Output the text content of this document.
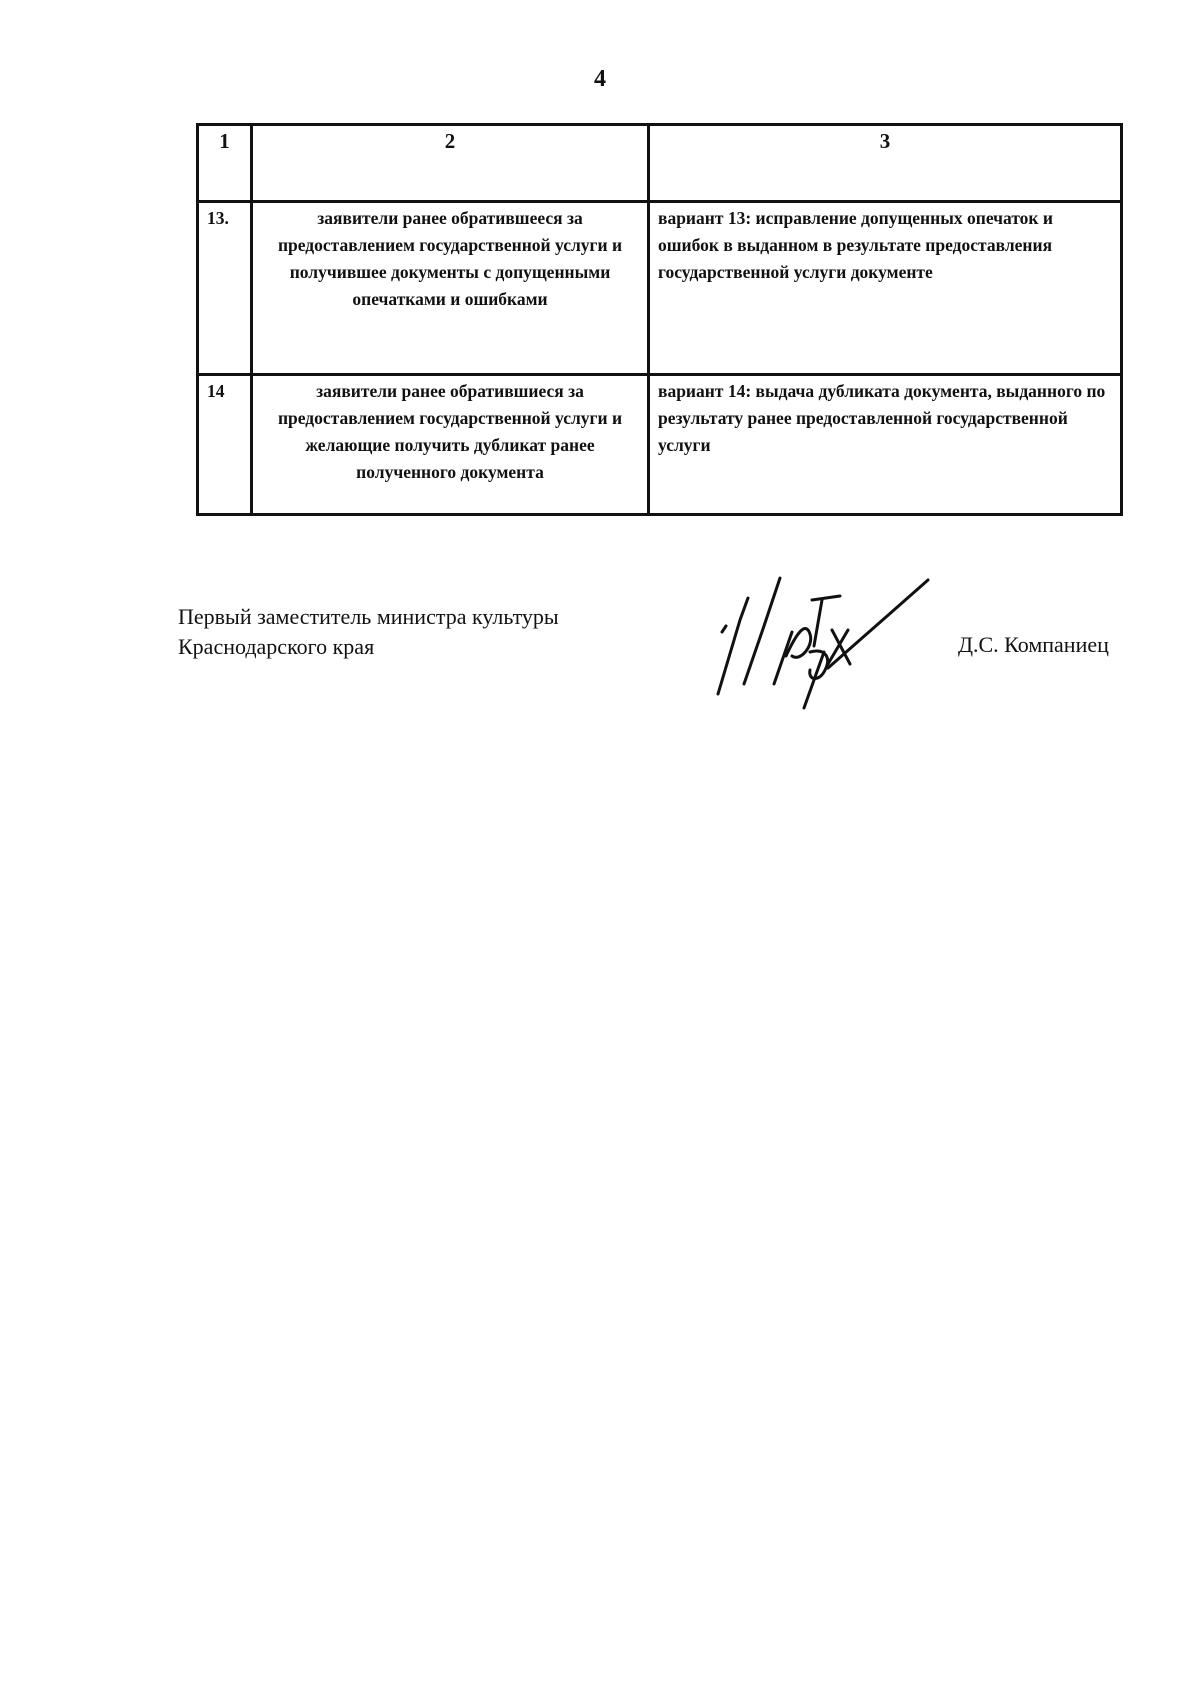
4
1	2	3
13.	заявители ранее обратившееся за предоставлением государственной услуги и получившее документы с допущенными опечатками и ошибками	вариант 13: исправление допущенных опечаток и ошибок в выданном в результате предоставления государственной услуги документе
14	заявители ранее обратившиеся за предоставлением государственной услуги и желающие получить дубликат ранее полученного документа	вариант 14: выдача дубликата документа, выданного по результату ранее предоставленной государственной услуги
Первый заместитель министра культуры
Краснодарского края	Д.С. Компаниец
